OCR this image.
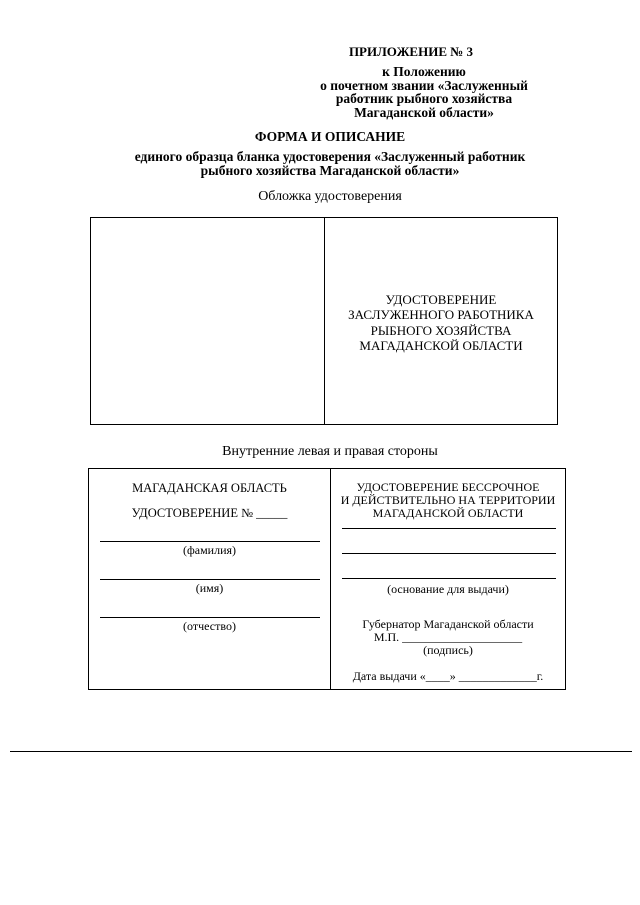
ПРИЛОЖЕНИЕ № 3
к Положению
о почетном звании «Заслуженный
работник рыбного хозяйства
Магаданской области»
ФОРМА И ОПИСАНИЕ
единого образца бланка удостоверения «Заслуженный работник
рыбного хозяйства Магаданской области»
Обложка удостоверения
УДОСТОВЕРЕНИЕ
ЗАСЛУЖЕННОГО РАБОТНИКА
РЫБНОГО ХОЗЯЙСТВА
МАГАДАНСКОЙ ОБЛАСТИ
Внутренние левая и правая стороны
МАГАДАНСКАЯ ОБЛАСТЬ
УДОСТОВЕРЕНИЕ № _____
(фамилия)
(имя)
(отчество)
УДОСТОВЕРЕНИЕ БЕССРОЧНОЕ
И ДЕЙСТВИТЕЛЬНО НА ТЕРРИТОРИИ
МАГАДАНСКОЙ ОБЛАСТИ
(основание для выдачи)
Губернатор Магаданской области
М.П. ____________________
(подпись)
Дата выдачи «____» _____________г.
